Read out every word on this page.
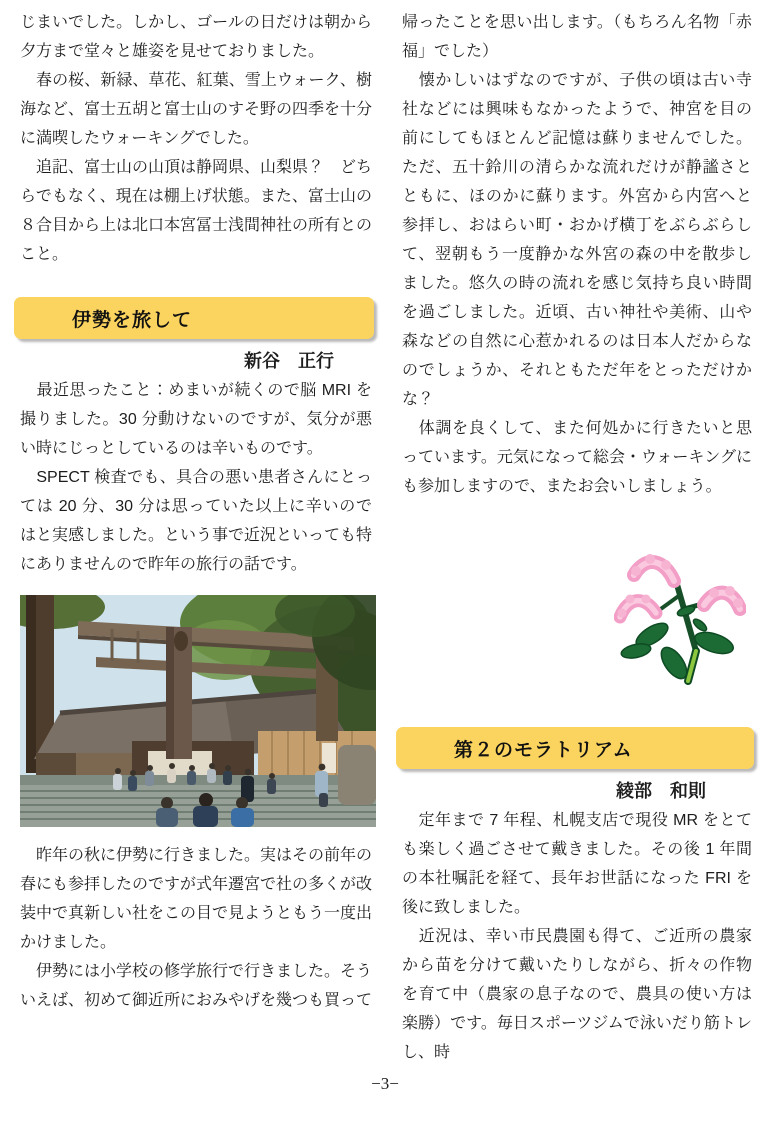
じまいでした。しかし、ゴールの日だけは朝から夕方まで堂々と雄姿を見せておりました。

　春の桜、新緑、草花、紅葉、雪上ウォーク、樹海など、富士五胡と富士山のすそ野の四季を十分に満喫したウォーキングでした。

　追記、富士山の山頂は静岡県、山梨県？　どちらでもなく、現在は棚上げ状態。また、富士山の８合目から上は北口本宮冨士浅間神社の所有とのこと。

伊勢を旅して
新谷　正行

　最近思ったこと：めまいが続くので脳 MRI を撮りました。30 分動けないのですが、気分が悪い時にじっとしているのは辛いものです。

　SPECT 検査でも、具合の悪い患者さんにとっては 20 分、30 分は思っていた以上に辛いのではと実感しました。という事で近況といっても特にありませんので昨年の旅行の話です。

　昨年の秋に伊勢に行きました。実はその前年の春にも参拝したのですが式年遷宮で社の多くが改装中で真新しい社をこの目で見ようともう一度出かけました。

　伊勢には小学校の修学旅行で行きました。そういえば、初めて御近所におみやげを幾つも買って

帰ったことを思い出します。（もちろん名物「赤福」でした）

　懐かしいはずなのですが、子供の頃は古い寺社などには興味もなかったようで、神宮を目の前にしてもほとんど記憶は蘇りませんでした。ただ、五十鈴川の清らかな流れだけが静謐さとともに、ほのかに蘇ります。外宮から内宮へと参拝し、おはらい町・おかげ横丁をぶらぶらして、翌朝もう一度静かな外宮の森の中を散歩しました。悠久の時の流れを感じ気持ち良い時間を過ごしました。近頃、古い神社や美術、山や森などの自然に心惹かれるのは日本人だからなのでしょうか、それともただ年をとっただけかな？

　体調を良くして、また何処かに行きたいと思っています。元気になって総会・ウォーキングにも参加しますので、またお会いしましょう。

第２のモラトリアム
綾部　和則

　定年まで 7 年程、札幌支店で現役 MR をとても楽しく過ごさせて戴きました。その後 1 年間の本社嘱託を経て、長年お世話になった FRI を後に致しました。

　近況は、幸い市民農園も得て、ご近所の農家から苗を分けて戴いたりしながら、折々の作物を育て中（農家の息子なので、農具の使い方は楽勝）です。毎日スポーツジムで泳いだり筋トレし、時

−3−
